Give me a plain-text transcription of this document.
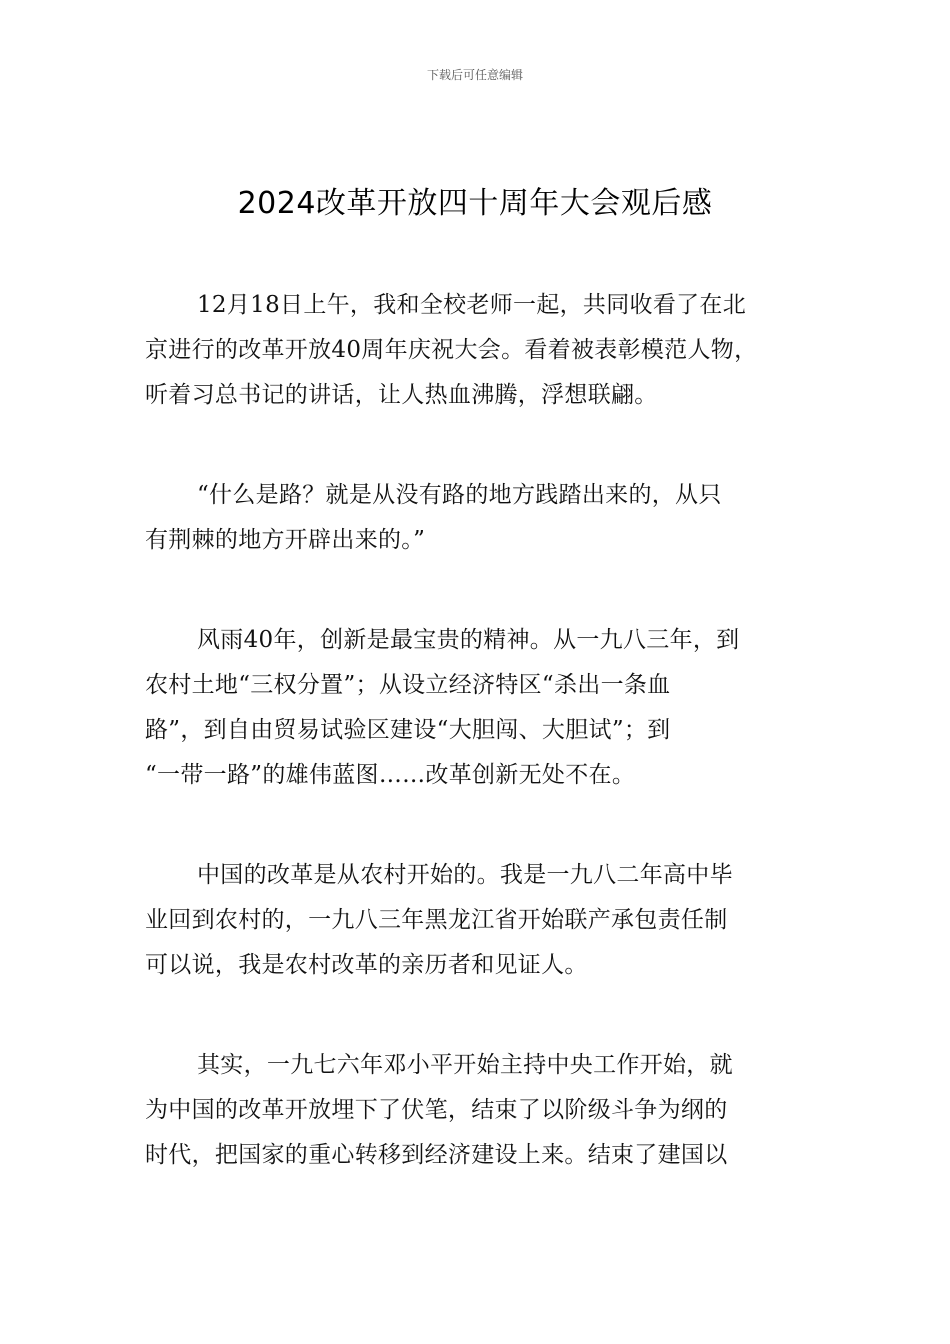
下载后可任意编辑
2024改革开放四十周年大会观后感
12月18日上午，我和全校老师一起，共同收看了在北
京进行的改革开放40周年庆祝大会。看着被表彰模范人物，
听着习总书记的讲话，让人热血沸腾，浮想联翩。
“什么是路？就是从没有路的地方践踏出来的，从只
有荆棘的地方开辟出来的。”
风雨40年，创新是最宝贵的精神。从一九八三年，到
农村土地“三权分置”；从设立经济特区“杀出一条血
路”，到自由贸易试验区建设“大胆闯、大胆试”；到
“一带一路”的雄伟蓝图……改革创新无处不在。
中国的改革是从农村开始的。我是一九八二年高中毕
业回到农村的，一九八三年黑龙江省开始联产承包责任制
可以说，我是农村改革的亲历者和见证人。
其实，一九七六年邓小平开始主持中央工作开始，就
为中国的改革开放埋下了伏笔，结束了以阶级斗争为纲的
时代，把国家的重心转移到经济建设上来。结束了建国以
